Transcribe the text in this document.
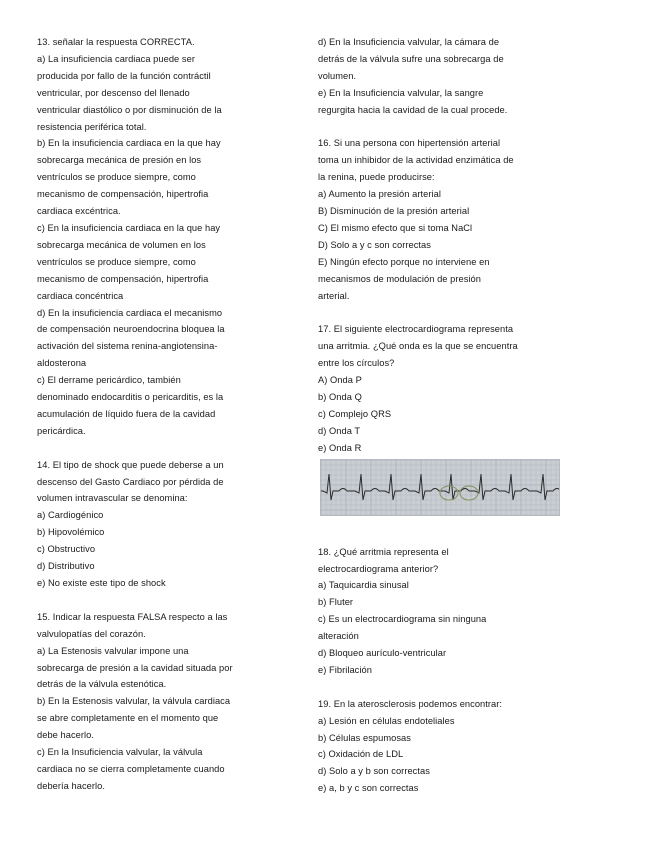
13. señalar la respuesta CORRECTA.
a) La insuficiencia cardiaca puede ser
producida por fallo de la función contráctil
ventricular, por descenso del llenado
ventricular diastólico o por disminución de la
resistencia periférica total.
b) En la insuficiencia cardiaca en la que hay
sobrecarga mecánica de presión en los
ventrículos se produce siempre, como
mecanismo de compensación, hipertrofia
cardiaca excéntrica.
c) En la insuficiencia cardiaca en la que hay
sobrecarga mecánica de volumen en los
ventrículos se produce siempre, como
mecanismo de compensación, hipertrofia
cardiaca concéntrica
d) En la insuficiencia cardiaca el mecanismo
de compensación neuroendocrina bloquea la
activación del sistema renina-angiotensina-
aldosterona
c) El derrame pericárdico, también
denominado endocarditis o pericarditis, es la
acumulación de líquido fuera de la cavidad
pericárdica.
14. El tipo de shock que puede deberse a un
descenso del Gasto Cardiaco por pérdida de
volumen intravascular se denomina:
a) Cardiogénico
b) Hipovolémico
c) Obstructivo
d) Distributivo
e) No existe este tipo de shock
15. Indicar la respuesta FALSA respecto a las
valvulopatías del corazón.
a) La Estenosis valvular impone una
sobrecarga de presión a la cavidad situada por
detrás de la válvula estenótica.
b) En la Estenosis valvular, la válvula cardiaca
se abre completamente en el momento que
debe hacerlo.
c) En la Insuficiencia valvular, la válvula
cardiaca no se cierra completamente cuando
debería hacerlo.
d) En la Insuficiencia valvular, la cámara de
detrás de la válvula sufre una sobrecarga de
volumen.
e) En la Insuficiencia valvular, la sangre
regurgita hacia la cavidad de la cual procede.
16. Si una persona con hipertensión arterial
toma un inhibidor de la actividad enzimática de
la renina, puede producirse:
a) Aumento la presión arterial
B) Disminución de la presión arterial
C) El mismo efecto que si toma NaCl
D) Solo a y c son correctas
E) Ningún efecto porque no interviene en
mecanismos de modulación de presión
arterial.
17. El siguiente electrocardiograma representa
una arritmia. ¿Qué onda es la que se encuentra
entre los círculos?
A) Onda P
b) Onda Q
c) Complejo QRS
d) Onda T
e) Onda R
18. ¿Qué arritmia representa el
electrocardiograma anterior?
a) Taquicardia sinusal
b) Fluter
c) Es un electrocardiograma sin ninguna
alteración
d) Bloqueo aurículo-ventricular
e) Fibrilación
19. En la aterosclerosis podemos encontrar:
a) Lesión en células endoteliales
b) Células espumosas
c) Oxidación de LDL
d) Solo a y b son correctas
e) a, b y c son correctas
